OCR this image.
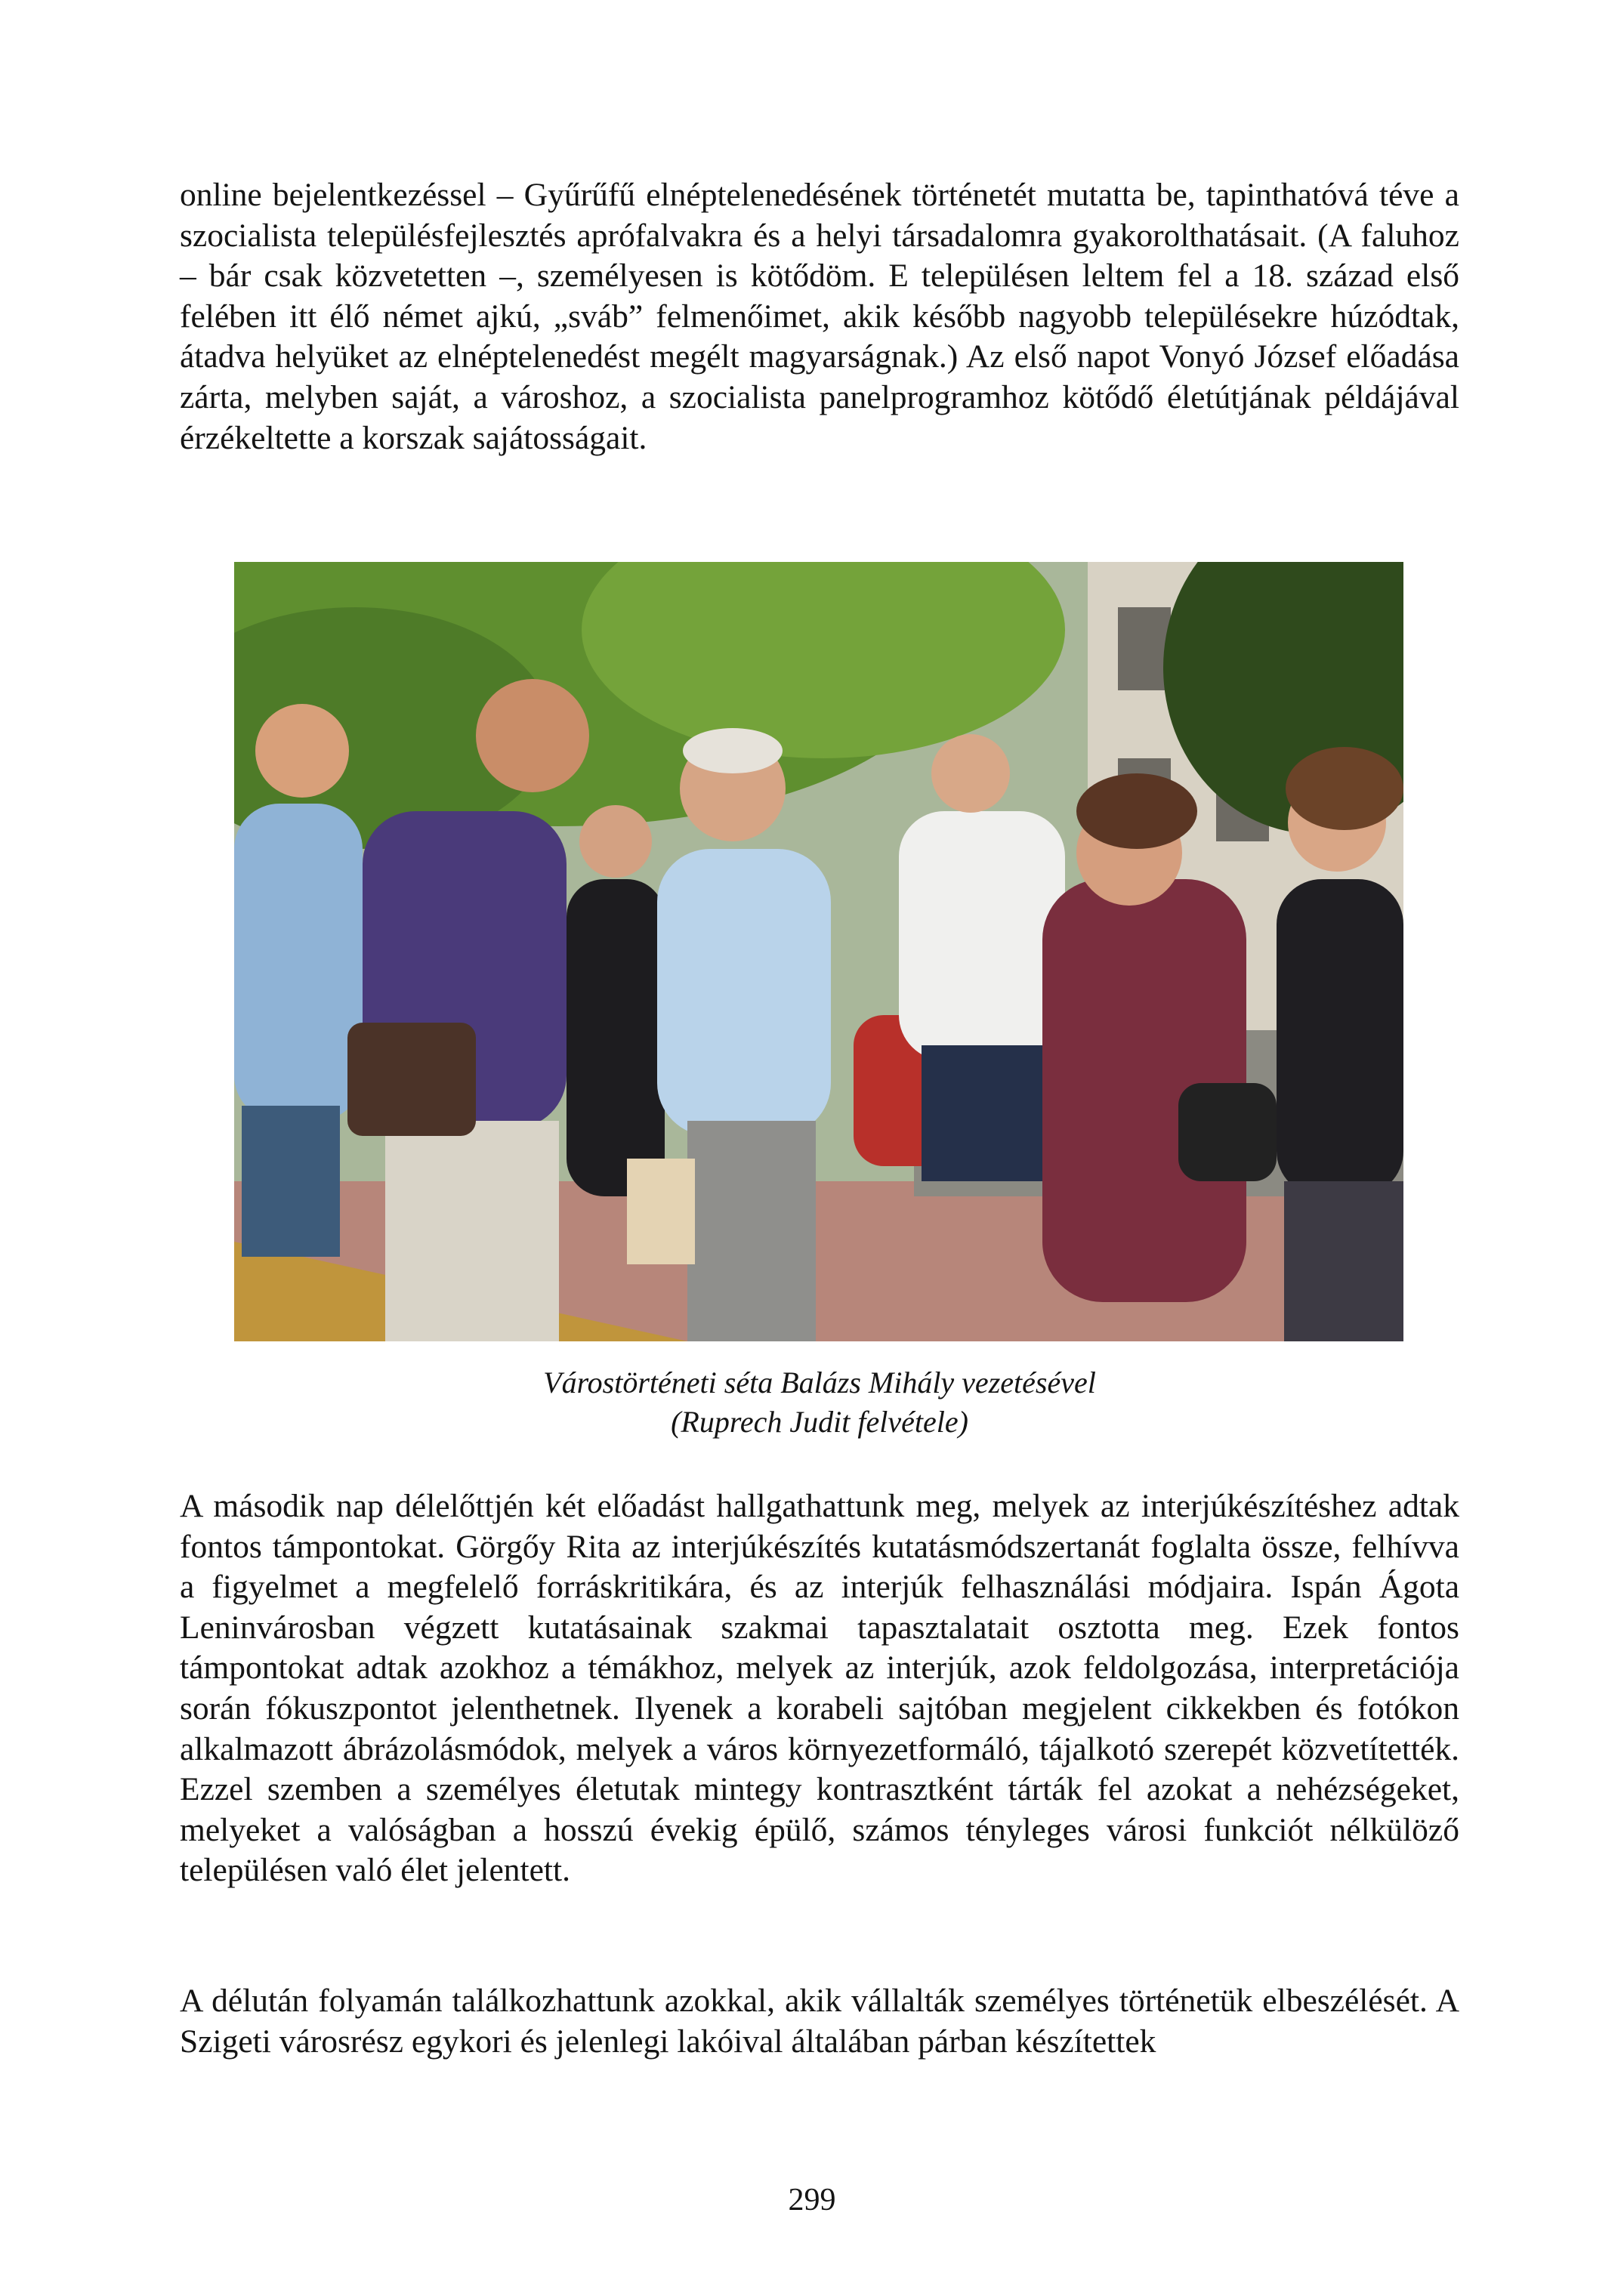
online bejelentkezéssel – Gyűrűfű elnéptelenedésének történetét mutatta be, tapinthatóvá téve a szocialista településfejlesztés aprófalvakra és a helyi társadalomra gyakorolthatásait. (A faluhoz – bár csak közvetetten –, személyesen is kötődöm. E településen leltem fel a 18. század első felében itt élő német ajkú, „sváb” felmenőimet, akik később nagyobb településekre húzódtak, átadva helyüket az elnéptelenedést megélt magyarságnak.) Az első napot Vonyó József előadása zárta, melyben saját, a városhoz, a szocialista panelprogramhoz kötődő életútjának példájával érzékeltette a korszak sajátosságait.

Várostörténeti séta Balázs Mihály vezetésével
(Ruprech Judit felvétele)

A második nap délelőttjén két előadást hallgathattunk meg, melyek az interjúkészítéshez adtak fontos támpontokat. Görgőy Rita az interjúkészítés kutatásmódszertanát foglalta össze, felhívva a figyelmet a megfelelő forráskritikára, és az interjúk felhasználási módjaira. Ispán Ágota Leninvárosban végzett kutatásainak szakmai tapasztalatait osztotta meg. Ezek fontos támpontokat adtak azokhoz a témákhoz, melyek az interjúk, azok feldolgozása, interpretációja során fókuszpontot jelenthetnek. Ilyenek a korabeli sajtóban megjelent cikkekben és fotókon alkalmazott ábrázolásmódok, melyek a város környezetformáló, tájalkotó szerepét közvetítették. Ezzel szemben a személyes életutak mintegy kontrasztként tárták fel azokat a nehézségeket, melyeket a valóságban a hosszú évekig épülő, számos tényleges városi funkciót nélkülöző településen való élet jelentett.

A délután folyamán találkozhattunk azokkal, akik vállalták személyes történetük elbeszélését. A Szigeti városrész egykori és jelenlegi lakóival általában párban készítettek

299
